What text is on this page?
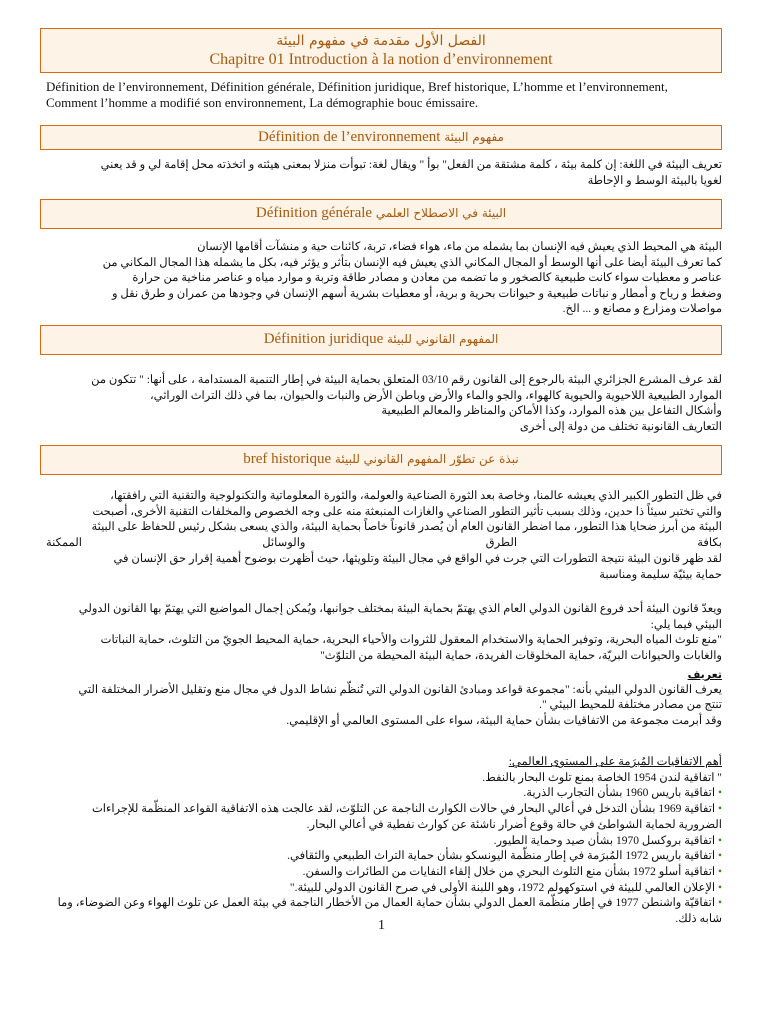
الفصل الأول مقدمة في مفهوم البيئة
Chapitre 01 Introduction à la notion d’environnement
Définition de l’environnement, Définition générale, Définition juridique, Bref historique, L’homme et l’environnement, Comment l’homme a modifié son environnement, La démographie bouc émissaire.
Définition de l’environnement مفهوم البيئة
تعريف البيئة في اللغة: إن كلمة بيئة ، كلمة مشتقة من الفعل" بوأ " ويقال لغة: تبوأت منزلا بمعنى هيئته و اتخذته محل إقامة لي و قد يعني
لغويا بالبيئة الوسط و الإحاطة
Définition générale البيئة في الاصطلاح العلمي
البيئة هي المحيط الذي يعيش فيه الإنسان بما يشمله من ماء، هواء فضاء، تربة، كائنات حية و منشآت أقامها الإنسان
كما تعرف البيئة أيضا على أنها الوسط أو المجال المكاني الذي يعيش فيه الإنسان بتأثر و يؤثر فيه، بكل ما يشمله هذا المجال المكاني من
عناصر و معطيات سواء كانت طبيعية كالصخور و ما تضمه من معادن و مصادر طاقة وتربة و موارد مياه و عناصر مناخية من حرارة
وضغط و رياح و أمطار و نباتات طبيعية و حيوانات بحرية و برية، أو معطيات بشرية أسهم الإنسان في وجودها من عمران و طرق نقل و
مواصلات ومزارع و مصانع و ... الخ.
Définition juridique المفهوم القانوني للبيئة
لقد عرف المشرع الجزائري البيئة بالرجوع إلى القانون رقم 03/10 المتعلق بحماية البيئة في إطار التنمية المستدامة ، على أنها: " تتكون من
الموارد الطبيعية اللاحيوية والحيوية كالهواء، والجو والماء والأرض وباطن الأرض والنبات والحيوان، بما في ذلك التراث الوراثي،
وأشكال التفاعل بين هذه الموارد، وكذا الأماكن والمناظر والمعالم الطبيعية
التعاريف القانونية تختلف من دولة إلى أخرى
bref historique نبذة عن تطوّر المفهوم القانوني للبيئة
في ظل التطور الكبير الذي يعيشه عالمنا، وخاصة بعد الثورة الصناعية والعولمة، والثورة المعلوماتية والتكنولوجية والتقنية التي رافقتها،
والتي تختبر سيئاً ذا حدين، وذلك بسبب تأثير التطور الصناعي والغازات المنبعثة منه على وجه الخصوص والمخلفات التقنية الأخرى، أصبحت
البيئة من أبرز ضحايا هذا التطور، مما اضطر القانون العام أن يُصدر قانوناً خاصاً بحماية البيئة، والذي يسعى بشكل رئيس للحفاظ على البيئة
بكافة الطرق والوسائل الممكنة
لقد ظهر قانون البيئة نتيجة التطورات التي جرت في الواقع في مجال البيئة وتلويثها، حيث أظهرت بوضوح أهمية إقرار حق الإنسان في
حماية بيئيّة سليمة ومناسبة
ويعدّ قانون البيئة أحد فروع القانون الدولي العام الذي يهتمّ بحماية البيئة بمختلف جوانبها، ويُمكن إجمال المواضيع التي يهتمّ بها القانون الدولي
البيئي فيما يلي:
"منع تلوث المياه البحرية، وتوفير الحماية والاستخدام المعقول للثروات والأحياء البحرية، حماية المحيط الجويّ من التلوث، حماية النباتات
والغابات والحيوانات البريّة، حماية المخلوقات الفريدة، حماية البيئة المحيطة من التلوّث"
تعريف
يعرف القانون الدولي البيئي بأنه: "مجموعة قواعد ومبادئ القانون الدولي التي تُنظّم نشاط الدول في مجال منع وتقليل الأضرار المختلفة التي
تنتج من مصادر مختلفة للمحيط البيئي ".
وقد أبرمت مجموعة من الاتفاقيات بشأن حماية البيئة، سواء على المستوى العالمي أو الإقليمي.
أهم الاتفاقيات المُبرَمة على المستوى العالمي:
" اتفاقية لندن 1954 الخاصة بمنع تلوث البحار بالنفط.
• اتفاقية باريس 1960 بشأن التجارب الذرية.
• اتفاقية 1969 بشأن التدخل في أعالي البحار في حالات الكوارث الناجمة عن التلوّث، لقد عالجت هذه الاتفاقية القواعد المنظّمة للإجراءات الضرورية لحماية الشواطئ في حالة وقوع أضرار ناشئة عن كوارث نفطية في أعالي البحار.
• اتفاقية بروكسل 1970 بشأن صيد وحماية الطيور.
• اتفاقية باريس 1972 المُبرَمة في إطار منظّمة اليونسكو بشأن حماية التراث الطبيعي والثقافي.
• اتفاقية أسلو 1972 بشأن منع التلوث البحري من خلال إلقاء النفايات من الطائرات والسفن.
• الإعلان العالمي للبيئة في استوكهولم 1972، وهو اللبنة الأولى في صرح القانون الدولي للبيئة."
• اتفاقيّة واشنطن 1977 في إطار منظّمة العمل الدولي بشأن حماية العمال من الأخطار الناجمة في بيئة العمل عن تلوث الهواء وعن الضوضاء، وما شابه ذلك.
1
